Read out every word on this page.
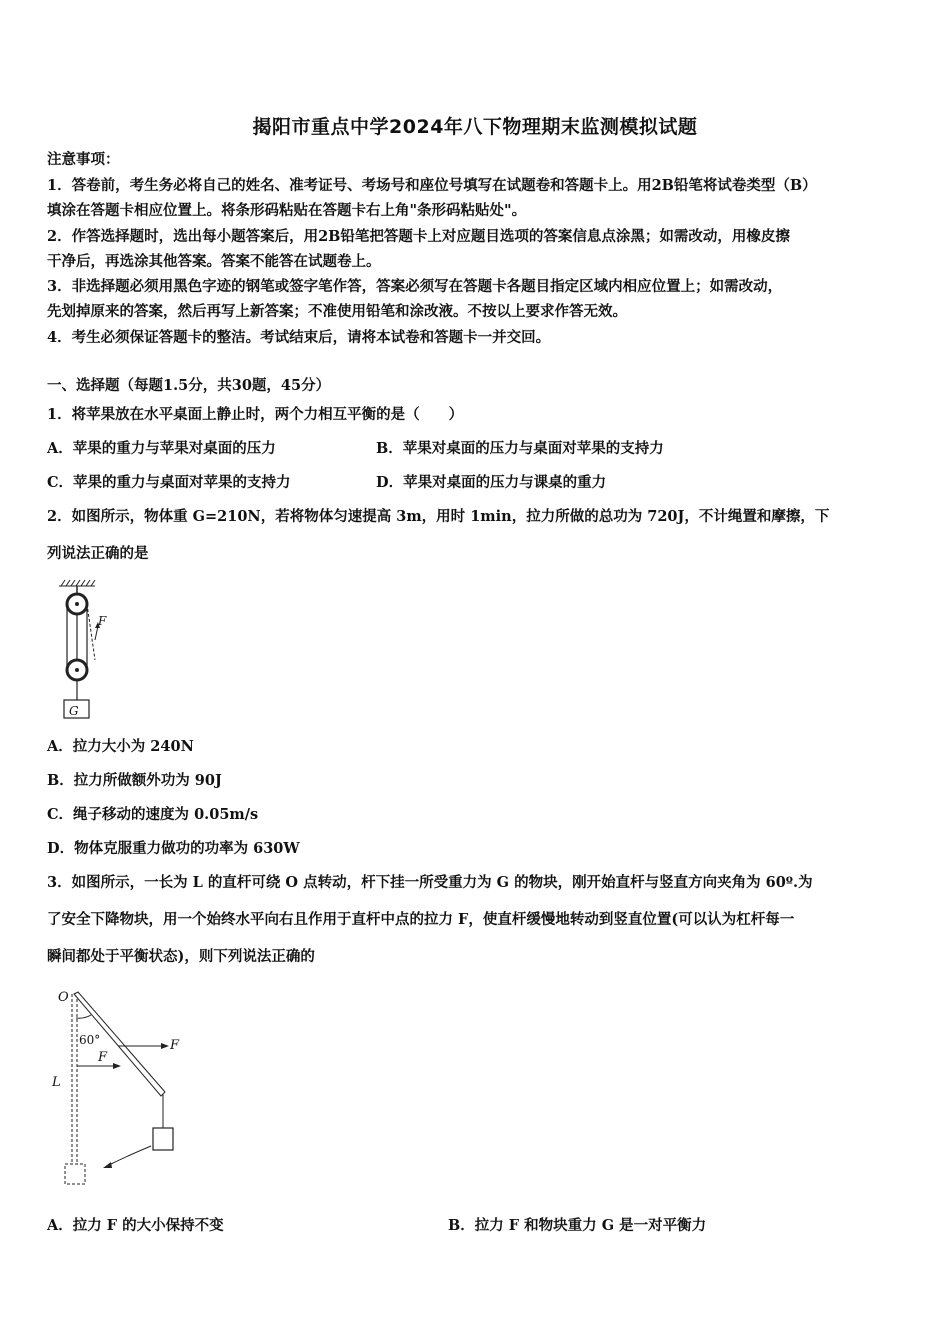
揭阳市重点中学2024年八下物理期末监测模拟试题
注意事项：
1．答卷前，考生务必将自己的姓名、准考证号、考场号和座位号填写在试题卷和答题卡上。用2B铅笔将试卷类型（B）
填涂在答题卡相应位置上。将条形码粘贴在答题卡右上角"条形码粘贴处"。
2．作答选择题时，选出每小题答案后，用2B铅笔把答题卡上对应题目选项的答案信息点涂黑；如需改动，用橡皮擦
干净后，再选涂其他答案。答案不能答在试题卷上。
3．非选择题必须用黑色字迹的钢笔或签字笔作答，答案必须写在答题卡各题目指定区域内相应位置上；如需改动，
先划掉原来的答案，然后再写上新答案；不准使用铅笔和涂改液。不按以上要求作答无效。
4．考生必须保证答题卡的整洁。考试结束后，请将本试卷和答题卡一并交回。
一、选择题（每题1.5分，共30题，45分）
1．将苹果放在水平桌面上静止时，两个力相互平衡的是（　　）
A．苹果的重力与苹果对桌面的压力	B．苹果对桌面的压力与桌面对苹果的支持力
C．苹果的重力与桌面对苹果的支持力	D．苹果对桌面的压力与课桌的重力
2．如图所示，物体重 G=210N，若将物体匀速提高 3m，用时 1min，拉力所做的总功为 720J，不计绳置和摩擦，下
列说法正确的是
F
G
A．拉力大小为 240N
B．拉力所做额外功为 90J
C．绳子移动的速度为 0.05m/s
D．物体克服重力做功的功率为 630W
3．如图所示，一长为 L 的直杆可绕 O 点转动，杆下挂一所受重力为 G 的物块，刚开始直杆与竖直方向夹角为 60º.为
了安全下降物块，用一个始终水平向右且作用于直杆中点的拉力 F，使直杆缓慢地转动到竖直位置(可以认为杠杆每一
瞬间都处于平衡状态)，则下列说法正确的
O
60°	F
F
L
A．拉力 F 的大小保持不变	B．拉力 F 和物块重力 G 是一对平衡力
